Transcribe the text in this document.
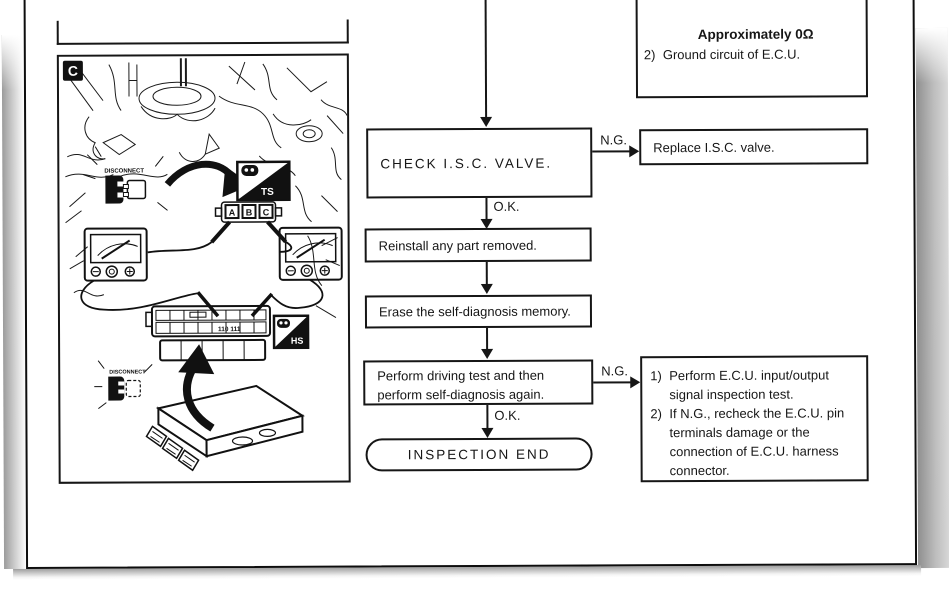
C
DISCONNECT
TS
A B C
110 111
HS
DISCONNECT
Approximately 0Ω
2) Ground circuit of E.C.U.
CHECK I.S.C. VALVE.
N.G. Replace I.S.C. valve.
O.K.
Reinstall any part removed.
Erase the self-diagnosis memory.
Perform driving test and then
perform self-diagnosis again.
N.G. 1) Perform E.C.U. input/output signal inspection test.
2) If N.G., recheck the E.C.U. pin terminals damage or the connection of E.C.U. harness connector.
O.K.
INSPECTION END
